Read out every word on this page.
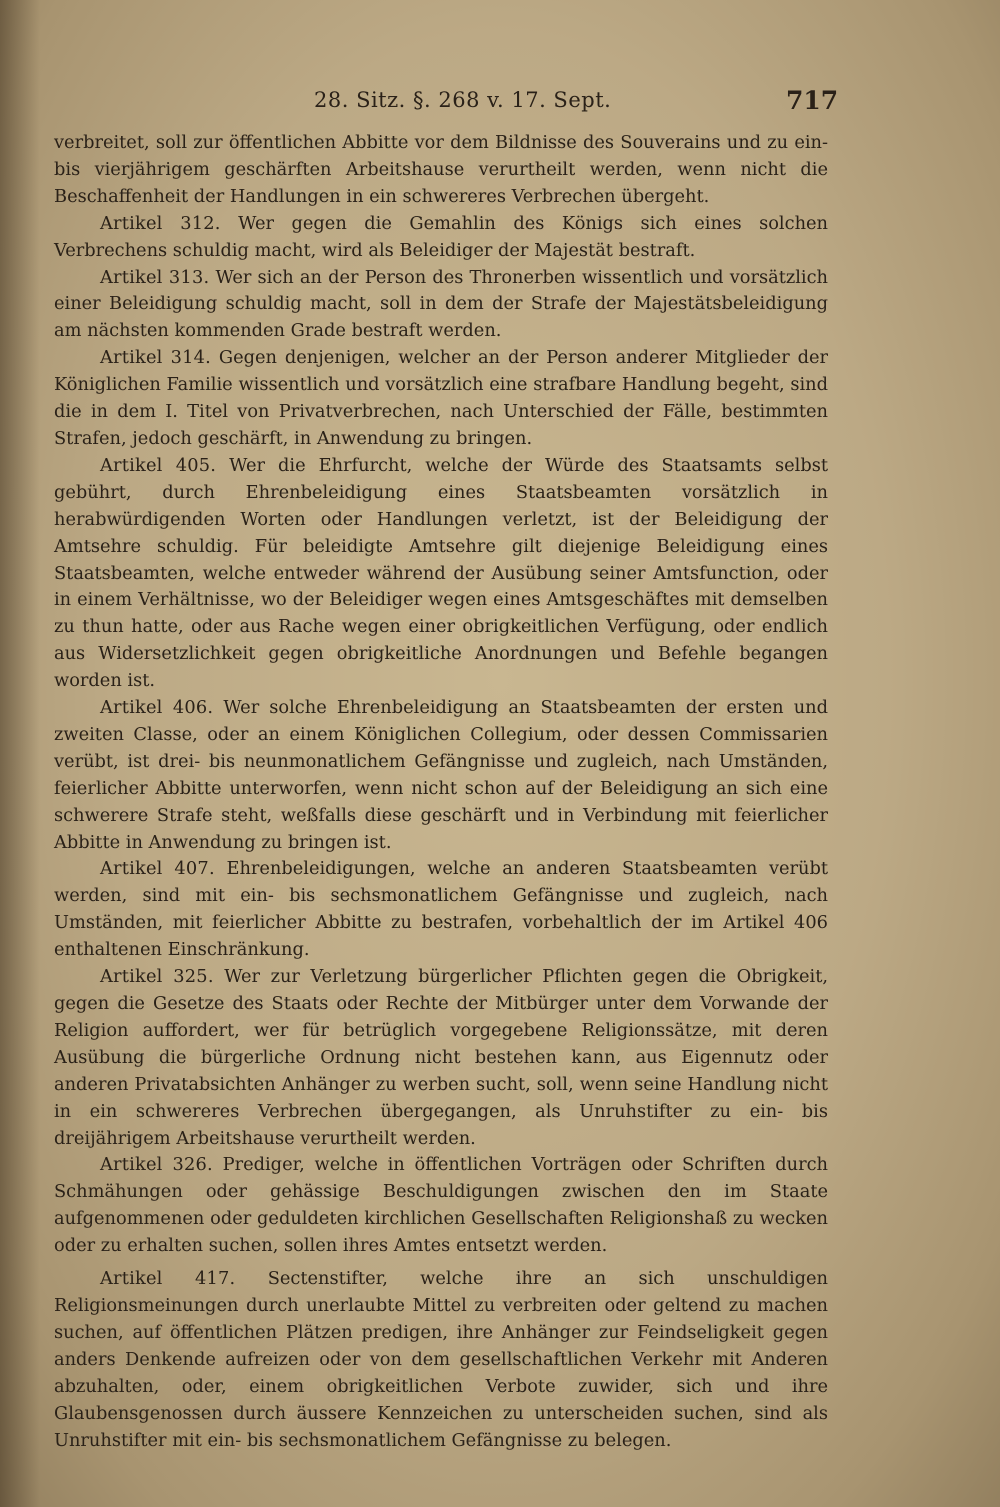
28. Sitz. §. 268 v. 17. Sept.	717

verbreitet, soll zur öffentlichen Abbitte vor dem Bildnisse des Souverains und zu ein- bis vierjährigem geschärften Arbeitshause verurtheilt werden, wenn nicht die Beschaffenheit der Handlungen in ein schwereres Verbrechen übergeht.

Artikel 312. Wer gegen die Gemahlin des Königs sich eines solchen Verbrechens schuldig macht, wird als Beleidiger der Majestät bestraft.

Artikel 313. Wer sich an der Person des Thronerben wissentlich und vorsätzlich einer Beleidigung schuldig macht, soll in dem der Strafe der Majestätsbeleidigung am nächsten kommenden Grade bestraft werden.

Artikel 314. Gegen denjenigen, welcher an der Person anderer Mitglieder der Königlichen Familie wissentlich und vorsätzlich eine strafbare Handlung begeht, sind die in dem I. Titel von Privatverbrechen, nach Unterschied der Fälle, bestimmten Strafen, jedoch geschärft, in Anwendung zu bringen.

Artikel 405. Wer die Ehrfurcht, welche der Würde des Staatsamts selbst gebührt, durch Ehrenbeleidigung eines Staatsbeamten vorsätzlich in herabwürdigenden Worten oder Handlungen verletzt, ist der Beleidigung der Amtsehre schuldig. Für beleidigte Amtsehre gilt diejenige Beleidigung eines Staatsbeamten, welche entweder während der Ausübung seiner Amtsfunction, oder in einem Verhältnisse, wo der Beleidiger wegen eines Amtsgeschäftes mit demselben zu thun hatte, oder aus Rache wegen einer obrigkeitlichen Verfügung, oder endlich aus Widersetzlichkeit gegen obrigkeitliche Anordnungen und Befehle begangen worden ist.

Artikel 406. Wer solche Ehrenbeleidigung an Staatsbeamten der ersten und zweiten Classe, oder an einem Königlichen Collegium, oder dessen Commissarien verübt, ist drei- bis neunmonatlichem Gefängnisse und zugleich, nach Umständen, feierlicher Abbitte unterworfen, wenn nicht schon auf der Beleidigung an sich eine schwerere Strafe steht, weßfalls diese geschärft und in Verbindung mit feierlicher Abbitte in Anwendung zu bringen ist.

Artikel 407. Ehrenbeleidigungen, welche an anderen Staatsbeamten verübt werden, sind mit ein- bis sechsmonatlichem Gefängnisse und zugleich, nach Umständen, mit feierlicher Abbitte zu bestrafen, vorbehaltlich der im Artikel 406 enthaltenen Einschränkung.

Artikel 325. Wer zur Verletzung bürgerlicher Pflichten gegen die Obrigkeit, gegen die Gesetze des Staats oder Rechte der Mitbürger unter dem Vorwande der Religion auffordert, wer für betrüglich vorgegebene Religionssätze, mit deren Ausübung die bürgerliche Ordnung nicht bestehen kann, aus Eigennutz oder anderen Privatabsichten Anhänger zu werben sucht, soll, wenn seine Handlung nicht in ein schwereres Verbrechen übergegangen, als Unruhstifter zu ein- bis dreijährigem Arbeitshause verurtheilt werden.

Artikel 326. Prediger, welche in öffentlichen Vorträgen oder Schriften durch Schmähungen oder gehässige Beschuldigungen zwischen den im Staate aufgenommenen oder geduldeten kirchlichen Gesellschaften Religionshaß zu wecken oder zu erhalten suchen, sollen ihres Amtes entsetzt werden.

Artikel 417. Sectenstifter, welche ihre an sich unschuldigen Religionsmeinungen durch unerlaubte Mittel zu verbreiten oder geltend zu machen suchen, auf öffentlichen Plätzen predigen, ihre Anhänger zur Feindseligkeit gegen anders Denkende aufreizen oder von dem gesellschaftlichen Verkehr mit Anderen abzuhalten, oder, einem obrigkeitlichen Verbote zuwider, sich und ihre Glaubensgenossen durch äussere Kennzeichen zu unterscheiden suchen, sind als Unruhstifter mit ein- bis sechsmonatlichem Gefängnisse zu belegen.
